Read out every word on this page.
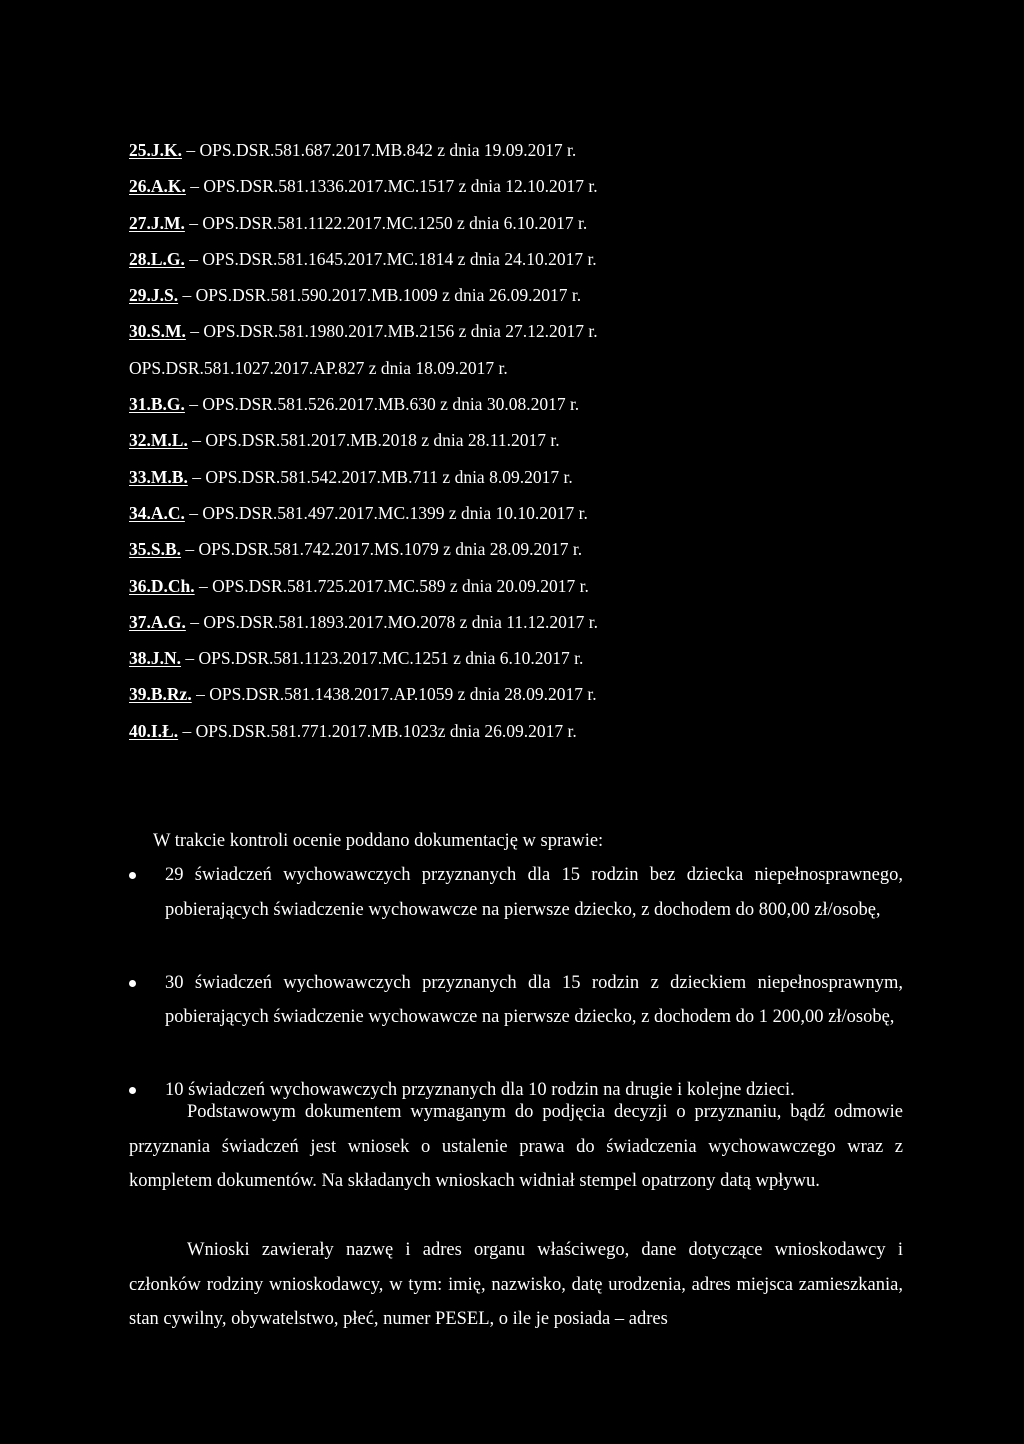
25.J.K. – OPS.DSR.581.687.2017.MB.842 z dnia 19.09.2017 r.
26.A.K. – OPS.DSR.581.1336.2017.MC.1517 z dnia 12.10.2017 r.
27.J.M. – OPS.DSR.581.1122.2017.MC.1250 z dnia 6.10.2017 r.
28.L.G. – OPS.DSR.581.1645.2017.MC.1814 z dnia 24.10.2017 r.
29.J.S. – OPS.DSR.581.590.2017.MB.1009 z dnia 26.09.2017 r.
30.S.M. – OPS.DSR.581.1980.2017.MB.2156 z dnia 27.12.2017 r.
OPS.DSR.581.1027.2017.AP.827 z dnia 18.09.2017 r.
31.B.G. – OPS.DSR.581.526.2017.MB.630 z dnia 30.08.2017 r.
32.M.L. – OPS.DSR.581.2017.MB.2018 z dnia 28.11.2017 r.
33.M.B. – OPS.DSR.581.542.2017.MB.711 z dnia 8.09.2017 r.
34.A.C. – OPS.DSR.581.497.2017.MC.1399 z dnia 10.10.2017 r.
35.S.B. – OPS.DSR.581.742.2017.MS.1079 z dnia 28.09.2017 r.
36.D.Ch. – OPS.DSR.581.725.2017.MC.589 z dnia 20.09.2017 r.
37.A.G. – OPS.DSR.581.1893.2017.MO.2078 z dnia 11.12.2017 r.
38.J.N. – OPS.DSR.581.1123.2017.MC.1251 z dnia 6.10.2017 r.
39.B.Rz. – OPS.DSR.581.1438.2017.AP.1059 z dnia 28.09.2017 r.
40.I.Ł. – OPS.DSR.581.771.2017.MB.1023z dnia 26.09.2017 r.
W trakcie kontroli ocenie poddano dokumentację w sprawie:
29 świadczeń wychowawczych przyznanych dla 15 rodzin bez dziecka niepełnosprawnego, pobierających świadczenie wychowawcze na pierwsze dziecko, z dochodem do 800,00 zł/osobę,
30 świadczeń wychowawczych przyznanych dla 15 rodzin z dzieckiem niepełnosprawnym, pobierających świadczenie wychowawcze na pierwsze dziecko, z dochodem do 1 200,00 zł/osobę,
10 świadczeń wychowawczych przyznanych dla 10 rodzin na drugie i kolejne dzieci.
Podstawowym dokumentem wymaganym do podjęcia decyzji o przyznaniu, bądź odmowie przyznania świadczeń jest wniosek o ustalenie prawa do świadczenia wychowawczego wraz z kompletem dokumentów. Na składanych wnioskach widniał stempel opatrzony datą wpływu.
Wnioski zawierały nazwę i adres organu właściwego, dane dotyczące wnioskodawcy i członków rodziny wnioskodawcy, w tym: imię, nazwisko, datę urodzenia, adres miejsca zamieszkania, stan cywilny, obywatelstwo, płeć, numer PESEL, o ile je posiada – adres
